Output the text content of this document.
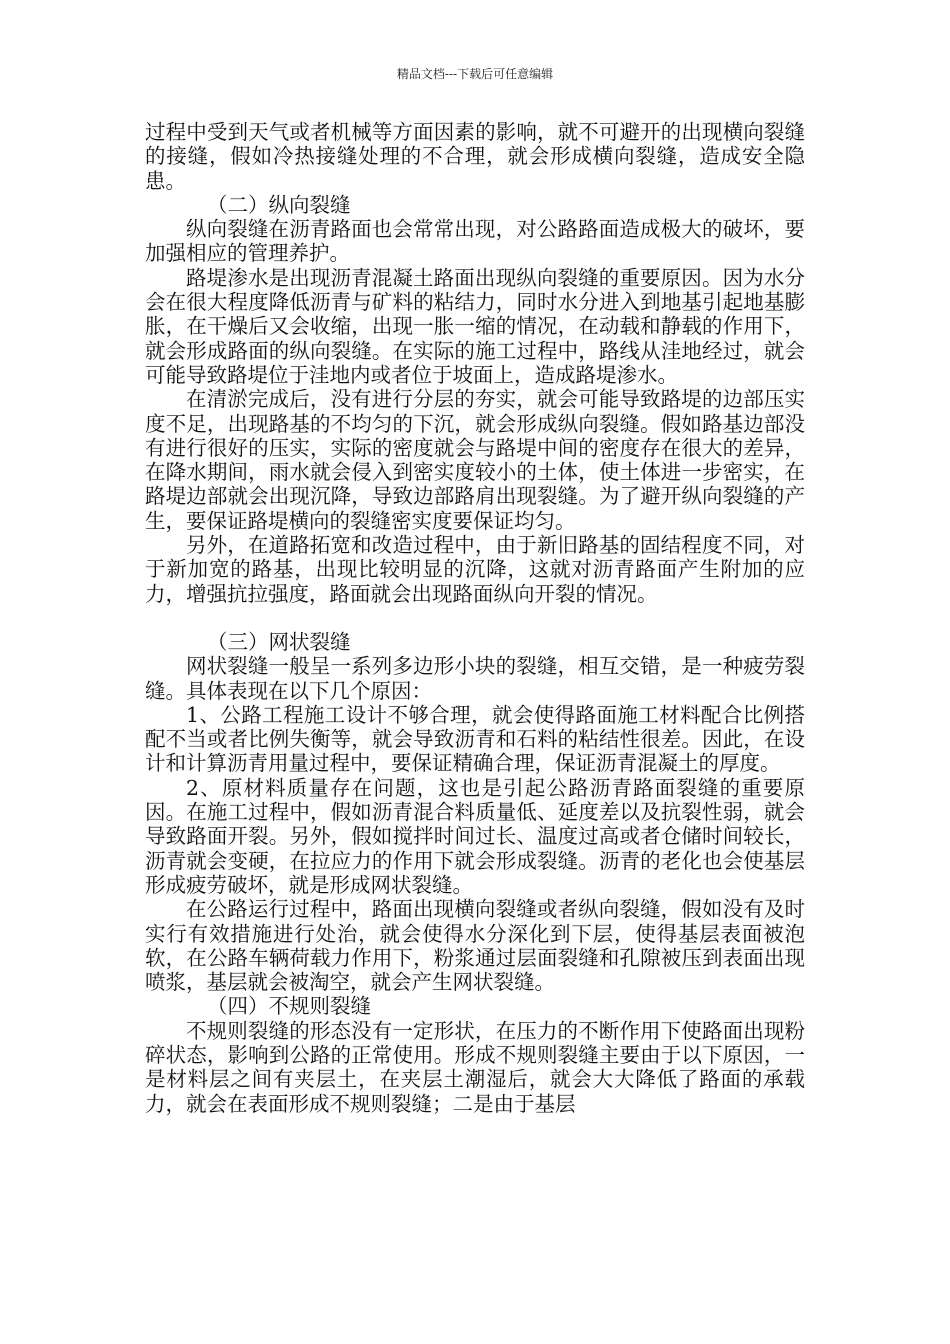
精品文档---下载后可任意编辑

过程中受到天气或者机械等方面因素的影响，就不可避开的出现横向裂缝的接缝，假如冷热接缝处理的不合理，就会形成横向裂缝，造成安全隐患。

（二）纵向裂缝

纵向裂缝在沥青路面也会常常出现，对公路路面造成极大的破坏，要加强相应的管理养护。

路堤渗水是出现沥青混凝土路面出现纵向裂缝的重要原因。因为水分会在很大程度降低沥青与矿料的粘结力，同时水分进入到地基引起地基膨胀，在干燥后又会收缩，出现一胀一缩的情况，在动载和静载的作用下，就会形成路面的纵向裂缝。在实际的施工过程中，路线从洼地经过，就会可能导致路堤位于洼地内或者位于坡面上，造成路堤渗水。

在清淤完成后，没有进行分层的夯实，就会可能导致路堤的边部压实度不足，出现路基的不均匀的下沉，就会形成纵向裂缝。假如路基边部没有进行很好的压实，实际的密度就会与路堤中间的密度存在很大的差异，在降水期间，雨水就会侵入到密实度较小的土体，使土体进一步密实，在路堤边部就会出现沉降，导致边部路肩出现裂缝。为了避开纵向裂缝的产生，要保证路堤横向的裂缝密实度要保证均匀。

另外，在道路拓宽和改造过程中，由于新旧路基的固结程度不同，对于新加宽的路基，出现比较明显的沉降，这就对沥青路面产生附加的应力，增强抗拉强度，路面就会出现路面纵向开裂的情况。

（三）网状裂缝

网状裂缝一般呈一系列多边形小块的裂缝，相互交错，是一种疲劳裂缝。具体表现在以下几个原因：

1、公路工程施工设计不够合理，就会使得路面施工材料配合比例搭配不当或者比例失衡等，就会导致沥青和石料的粘结性很差。因此，在设计和计算沥青用量过程中，要保证精确合理，保证沥青混凝土的厚度。

2、原材料质量存在问题，这也是引起公路沥青路面裂缝的重要原因。在施工过程中，假如沥青混合料质量低、延度差以及抗裂性弱，就会导致路面开裂。另外，假如搅拌时间过长、温度过高或者仓储时间较长，沥青就会变硬，在拉应力的作用下就会形成裂缝。沥青的老化也会使基层形成疲劳破坏，就是形成网状裂缝。

在公路运行过程中，路面出现横向裂缝或者纵向裂缝，假如没有及时实行有效措施进行处治，就会使得水分深化到下层，使得基层表面被泡软，在公路车辆荷载力作用下，粉浆通过层面裂缝和孔隙被压到表面出现喷浆，基层就会被淘空，就会产生网状裂缝。

（四）不规则裂缝

不规则裂缝的形态没有一定形状，在压力的不断作用下使路面出现粉碎状态，影响到公路的正常使用。形成不规则裂缝主要由于以下原因，一是材料层之间有夹层土，在夹层土潮湿后，就会大大降低了路面的承载力，就会在表面形成不规则裂缝；二是由于基层
